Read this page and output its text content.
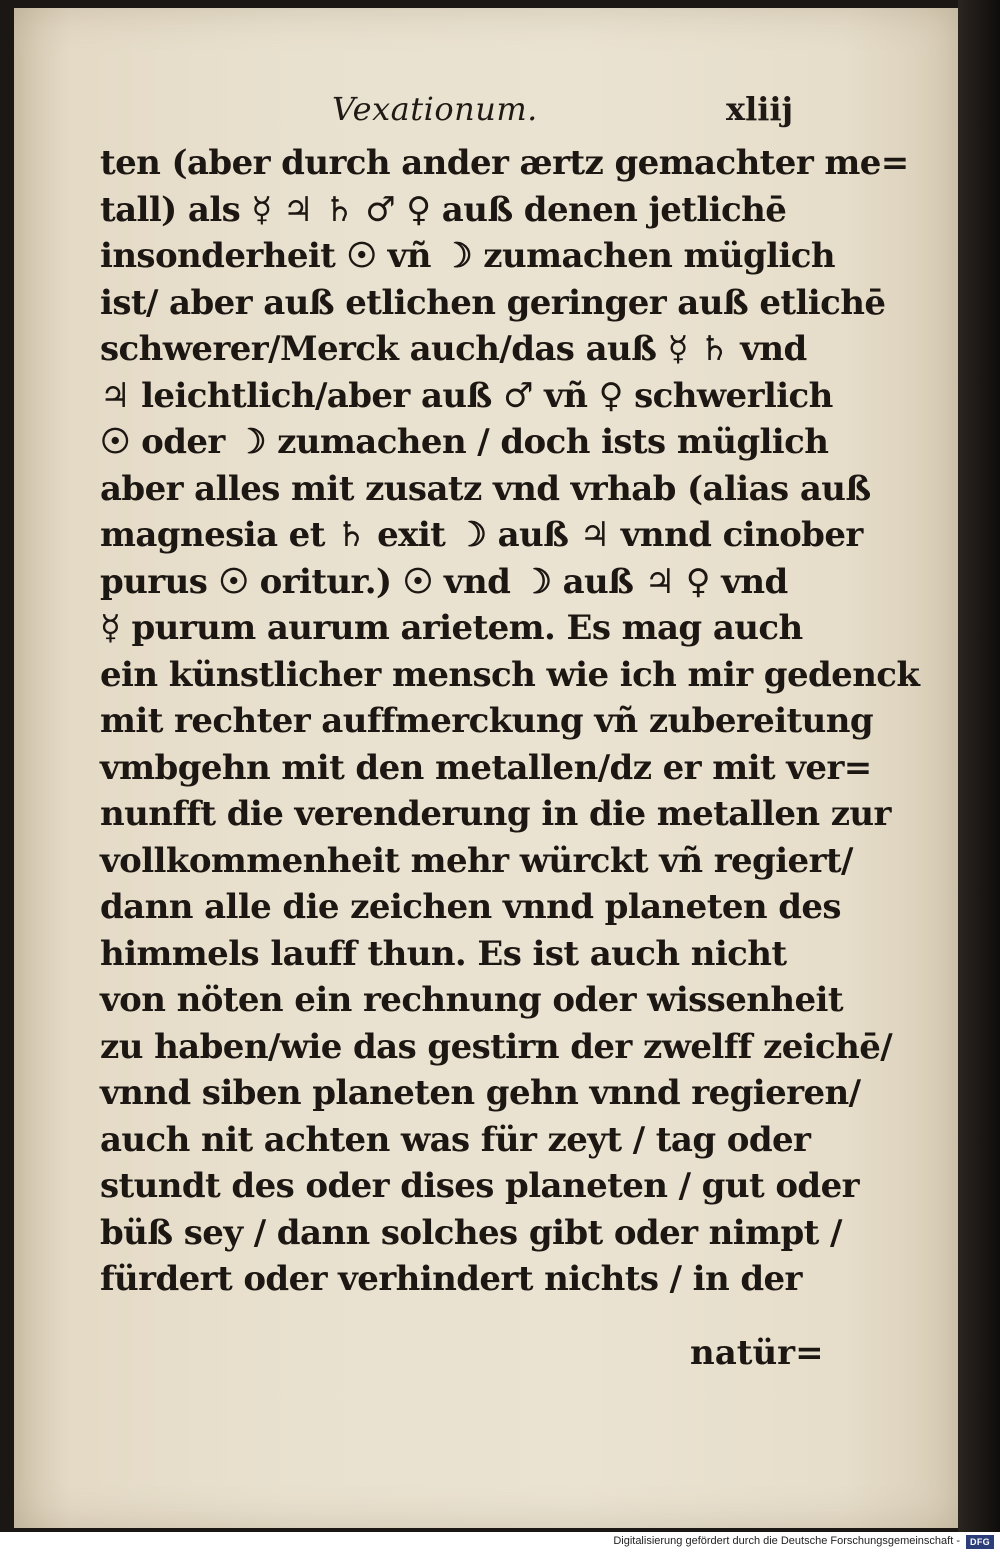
Vexationum.	xliij
ten (aber durch ander ærtz gemachter me=
tall) als ☿ ♃ ♄ ♂ ♀ auß denen jetlichē
insonderheit ☉ vñ ☽ zumachen müglich
ist/ aber auß etlichen geringer auß etlichē
schwerer/Merck auch/das auß ☿ ♄ vnd
♃ leichtlich/aber auß ♂ vñ ♀ schwerlich
☉ oder ☽ zumachen / doch ists müglich
aber alles mit zusatz vnd vrhab (alias auß
magnesia et ♄ exit ☽ auß ♃ vnnd cinober
purus ☉ oritur.) ☉ vnd ☽ auß ♃ ♀ vnd
☿ purum aurum arietem. Es mag auch
ein künstlicher mensch wie ich mir gedenck
mit rechter auffmerckung vñ zubereitung
vmbgehn mit den metallen/dz er mit ver=
nunfft die verenderung in die metallen zur
vollkommenheit mehr würckt vñ regiert/
dann alle die zeichen vnnd planeten des
himmels lauff thun. Es ist auch nicht
von nöten ein rechnung oder wissenheit
zu haben/wie das gestirn der zwelff zeichē/
vnnd siben planeten gehn vnnd regieren/
auch nit achten was für zeyt / tag oder
stundt des oder dises planeten / gut oder
büß sey / dann solches gibt oder nimpt /
fürdert oder verhindert nichts / in der
natür=
Digitalisierung gefördert durch die Deutsche Forschungsgemeinschaft -	DFG
